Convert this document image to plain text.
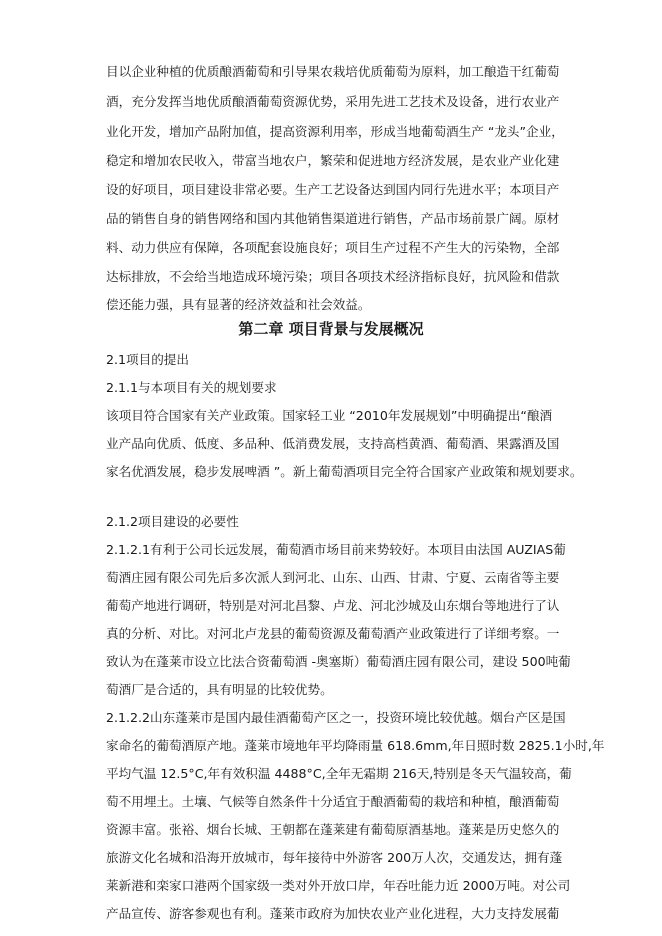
目以企业种植的优质酿酒葡萄和引导果农栽培优质葡萄为原料，加工酿造干红葡萄
酒，充分发挥当地优质酿酒葡萄资源优势，采用先进工艺技术及设备，进行农业产
业化开发，增加产品附加值，提高资源利用率，形成当地葡萄酒生产 “龙头”企业，
稳定和增加农民收入，带富当地农户，繁荣和促进地方经济发展，是农业产业化建
设的好项目，项目建设非常必要。生产工艺设备达到国内同行先进水平；本项目产
品的销售自身的销售网络和国内其他销售渠道进行销售，产品市场前景广阔。原材
料、动力供应有保障，各项配套设施良好；项目生产过程不产生大的污染物，全部
达标排放，不会给当地造成环境污染；项目各项技术经济指标良好，抗风险和借款
偿还能力强，具有显著的经济效益和社会效益。
第二章 项目背景与发展概况
2.1项目的提出
2.1.1与本项目有关的规划要求
该项目符合国家有关产业政策。国家轻工业 “2010年发展规划”中明确提出“酿酒
业产品向优质、低度、多品种、低消费发展，支持高档黄酒、葡萄酒、果露酒及国
家名优酒发展，稳步发展啤酒 ”。新上葡萄酒项目完全符合国家产业政策和规划要求。
2.1.2项目建设的必要性
2.1.2.1有利于公司长远发展，葡萄酒市场目前来势较好。本项目由法国 AUZIAS葡
萄酒庄园有限公司先后多次派人到河北、山东、山西、甘肃、宁夏、云南省等主要
葡萄产地进行调研，特别是对河北昌黎、卢龙、河北沙城及山东烟台等地进行了认
真的分析、对比。对河北卢龙县的葡萄资源及葡萄酒产业政策进行了详细考察。一
致认为在蓬莱市设立比法合资葡萄酒 -奥塞斯）葡萄酒庄园有限公司，建设 500吨葡
萄酒厂是合适的，具有明显的比较优势。
2.1.2.2山东蓬莱市是国内最佳酒葡萄产区之一，投资环境比较优越。烟台产区是国
家命名的葡萄酒原产地。蓬莱市境地年平均降雨量 618.6mm,年日照时数 2825.1小时,年
平均气温 12.5°C,年有效积温 4488°C,全年无霜期 216天,特别是冬天气温较高，葡
萄不用埋土。土壤、气候等自然条件十分适宜于酿酒葡萄的栽培和种植，酿酒葡萄
资源丰富。张裕、烟台长城、王朝都在蓬莱建有葡萄原酒基地。蓬莱是历史悠久的
旅游文化名城和沿海开放城市，每年接待中外游客 200万人次，交通发达，拥有蓬
莱新港和栾家口港两个国家级一类对外开放口岸，年吞吐能力近 2000万吨。对公司
产品宣传、游客参观也有利。蓬莱市政府为加快农业产业化进程，大力支持发展葡
